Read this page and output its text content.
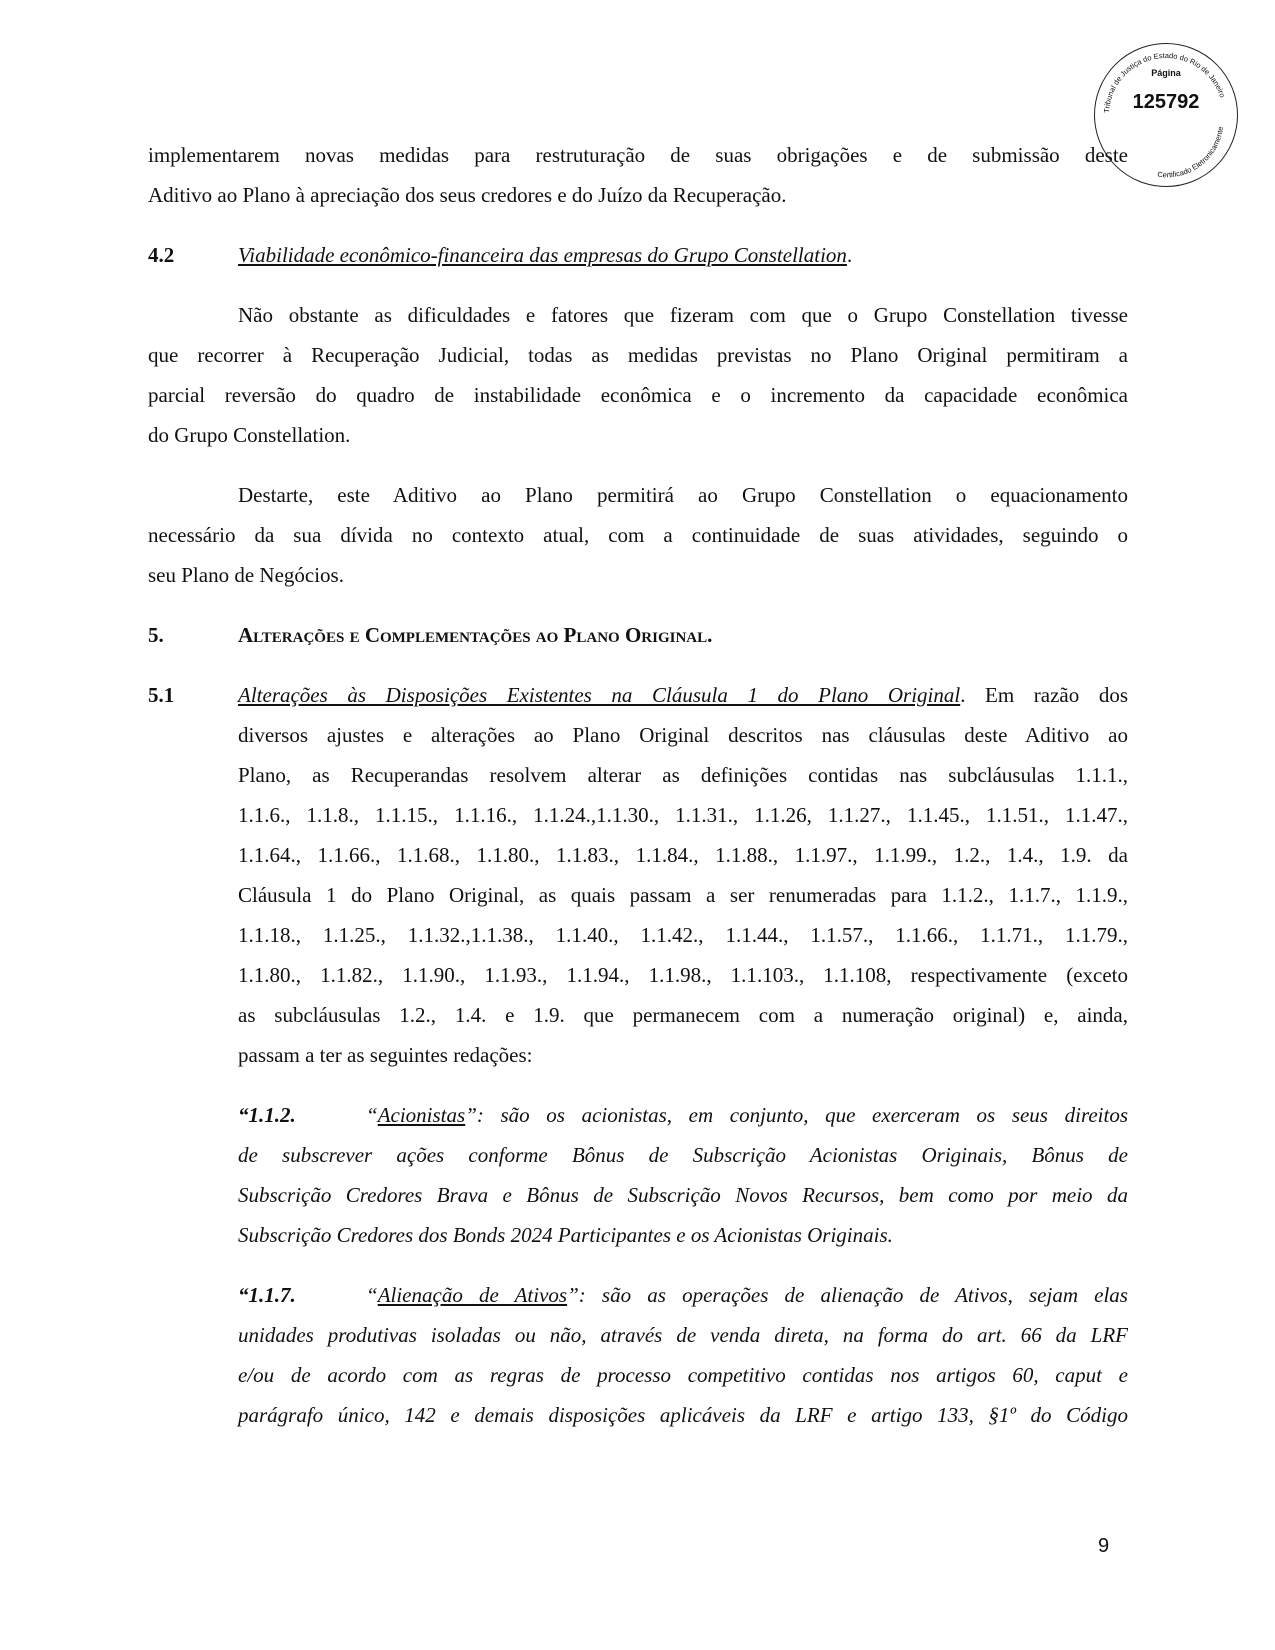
Tribunal de Justiça do Estado do Rio de Janeiro
Certificado Eletronicamente
Página
125792
implementarem novas medidas para restruturação de suas obrigações e de submissão deste
Aditivo ao Plano à apreciação dos seus credores e do Juízo da Recuperação.
4.2	Viabilidade econômico-financeira das empresas do Grupo Constellation.
Não obstante as dificuldades e fatores que fizeram com que o Grupo Constellation tivesse
que recorrer à Recuperação Judicial, todas as medidas previstas no Plano Original permitiram a
parcial reversão do quadro de instabilidade econômica e o incremento da capacidade econômica
do Grupo Constellation.
Destarte, este Aditivo ao Plano permitirá ao Grupo Constellation o equacionamento
necessário da sua dívida no contexto atual, com a continuidade de suas atividades, seguindo o
seu Plano de Negócios.
5.	Alterações e Complementações ao Plano Original.
5.1	Alterações às Disposições Existentes na Cláusula 1 do Plano Original. Em razão dos
diversos ajustes e alterações ao Plano Original descritos nas cláusulas deste Aditivo ao
Plano, as Recuperandas resolvem alterar as definições contidas nas subcláusulas 1.1.1.,
1.1.6., 1.1.8., 1.1.15., 1.1.16., 1.1.24.,1.1.30., 1.1.31., 1.1.26, 1.1.27., 1.1.45., 1.1.51., 1.1.47.,
1.1.64., 1.1.66., 1.1.68., 1.1.80., 1.1.83., 1.1.84., 1.1.88., 1.1.97., 1.1.99., 1.2., 1.4., 1.9. da
Cláusula 1 do Plano Original, as quais passam a ser renumeradas para 1.1.2., 1.1.7., 1.1.9.,
1.1.18., 1.1.25., 1.1.32.,1.1.38., 1.1.40., 1.1.42., 1.1.44., 1.1.57., 1.1.66., 1.1.71., 1.1.79.,
1.1.80., 1.1.82., 1.1.90., 1.1.93., 1.1.94., 1.1.98., 1.1.103., 1.1.108, respectivamente (exceto
as subcláusulas 1.2., 1.4. e 1.9. que permanecem com a numeração original) e, ainda,
passam a ter as seguintes redações:
“1.1.2.	“Acionistas”: são os acionistas, em conjunto, que exerceram os seus direitos
de subscrever ações conforme Bônus de Subscrição Acionistas Originais, Bônus de
Subscrição Credores Brava e Bônus de Subscrição Novos Recursos, bem como por meio da
Subscrição Credores dos Bonds 2024 Participantes e os Acionistas Originais.
“1.1.7.	“Alienação de Ativos”: são as operações de alienação de Ativos, sejam elas
unidades produtivas isoladas ou não, através de venda direta, na forma do art. 66 da LRF
e/ou de acordo com as regras de processo competitivo contidas nos artigos 60, caput e
parágrafo único, 142 e demais disposições aplicáveis da LRF e artigo 133, §1º do Código
9
